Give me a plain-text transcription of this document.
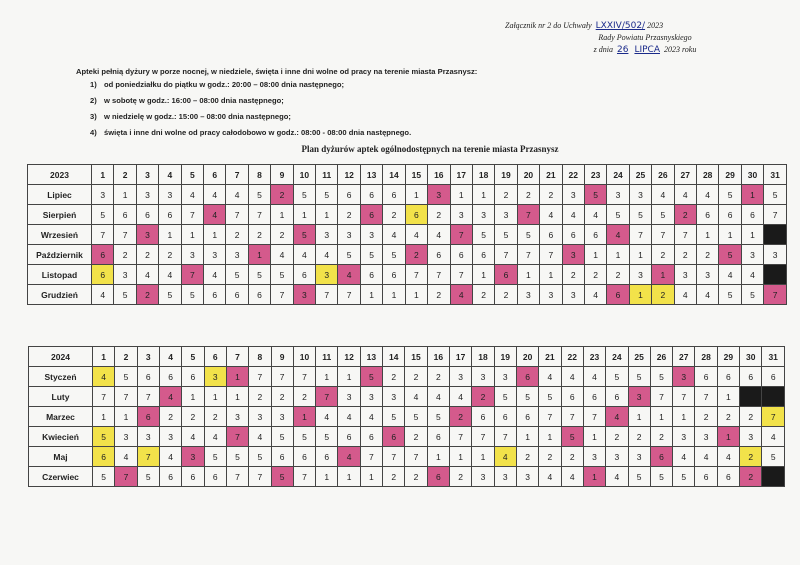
Załącznik nr 2 do Uchwały LXXIV/502/ 2023
Rady Powiatu Przasnyskiego
z dnia 26 LIPCA 2023 roku
Apteki pełnią dyżury w porze nocnej, w niedziele, święta i inne dni wolne od pracy na terenie miasta Przasnysz:
1) od poniedziałku do piątku w godz.: 20:00 – 08:00 dnia następnego;
2) w sobotę w godz.: 16:00 – 08:00 dnia następnego;
3) w niedzielę w godz.: 15:00 – 08:00 dnia następnego;
4) święta i inne dni wolne od pracy całodobowo w godz.: 08:00 - 08:00 dnia następnego.
Plan dyżurów aptek ogólnodostępnych na terenie miasta Przasnysz
2023	1	2	3	4	5	6	7	8	9	10	11	12	13	14	15	16	17	18	19	20	21	22	23	24	25	26	27	28	29	30	31
Lipiec	3	1	3	3	4	4	4	5	2	5	5	6	6	6	1	3	1	1	2	2	2	3	5	3	3	4	4	4	5	1	5
Sierpień	5	6	6	6	7	4	7	7	1	1	1	2	6	2	6	2	3	3	3	7	4	4	4	5	5	5	2	6	6	6	7
Wrzesień	7	7	3	1	1	1	2	2	2	5	3	3	3	4	4	4	7	5	5	5	6	6	6	4	7	7	7	1	1	1	
Październik	6	2	2	2	3	3	3	1	4	4	4	5	5	5	2	6	6	6	7	7	7	3	1	1	1	2	2	2	5	3	3
Listopad	6	3	4	4	7	4	5	5	5	6	3	4	6	6	7	7	7	1	6	1	1	2	2	2	3	1	3	3	4	4	
Grudzień	4	5	2	5	5	6	6	6	7	3	7	7	1	1	1	2	4	2	2	3	3	3	4	6	1	2	4	4	5	5	7
2024	1	2	3	4	5	6	7	8	9	10	11	12	13	14	15	16	17	18	19	20	21	22	23	24	25	26	27	28	29	30	31
Styczeń	4	5	6	6	6	3	1	7	7	7	1	1	5	2	2	2	3	3	3	6	4	4	4	5	5	5	3	6	6	6	6
Luty	7	7	7	4	1	1	1	2	2	2	7	3	3	3	4	4	4	2	5	5	5	6	6	6	3	7	7	7	1		
Marzec	1	1	6	2	2	2	3	3	3	1	4	4	4	5	5	5	2	6	6	6	7	7	7	4	1	1	1	2	2	2	7
Kwiecień	5	3	3	3	4	4	7	4	5	5	5	6	6	6	2	6	7	7	7	1	1	5	1	2	2	2	3	3	1	3	4
Maj	6	4	7	4	3	5	5	5	6	6	6	4	7	7	7	1	1	1	4	2	2	2	3	3	3	6	4	4	4	2	5
Czerwiec	5	7	5	6	6	6	7	7	5	7	1	1	1	2	2	6	2	3	3	3	4	4	1	4	5	5	5	6	6	2	
